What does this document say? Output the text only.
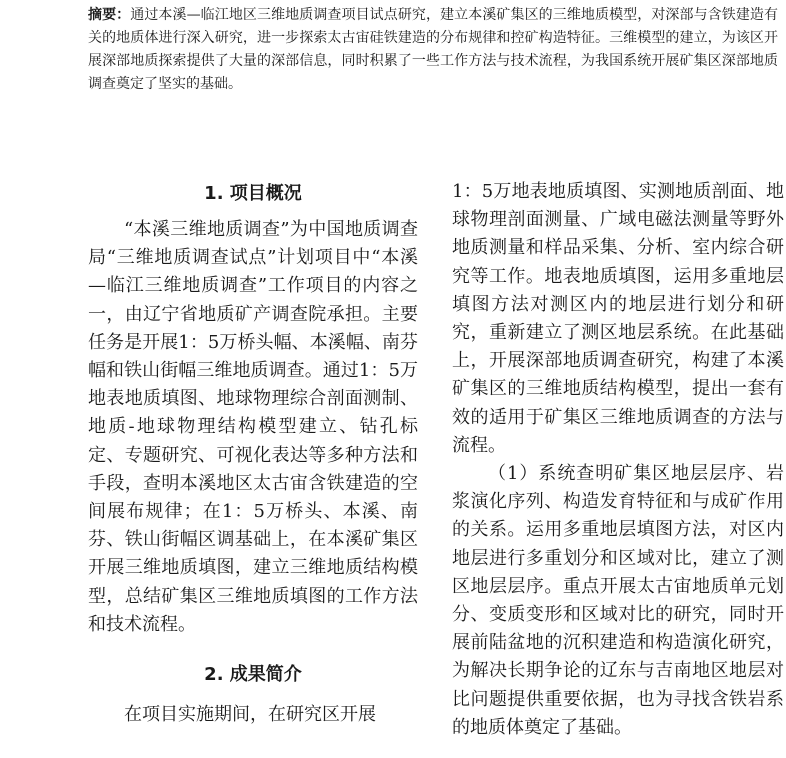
摘要：通过本溪—临江地区三维地质调查项目试点研究，建立本溪矿集区的三维地质模型，对深部与含铁建造有关的地质体进行深入研究，进一步探索太古宙硅铁建造的分布规律和控矿构造特征。三维模型的建立，为该区开展深部地质探索提供了大量的深部信息，同时积累了一些工作方法与技术流程，为我国系统开展矿集区深部地质调查奠定了坚实的基础。
1. 项目概况

“本溪三维地质调查”为中国地质调查局“三维地质调查试点”计划项目中“本溪—临江三维地质调查”工作项目的内容之一，由辽宁省地质矿产调查院承担。主要任务是开展1：5万桥头幅、本溪幅、南芬幅和铁山街幅三维地质调查。通过1：5万地表地质填图、地球物理综合剖面测制、地质-地球物理结构模型建立、钻孔标定、专题研究、可视化表达等多种方法和手段，查明本溪地区太古宙含铁建造的空间展布规律；在1：5万桥头、本溪、南芬、铁山街幅区调基础上，在本溪矿集区开展三维地质填图，建立三维地质结构模型，总结矿集区三维地质填图的工作方法和技术流程。

2. 成果简介

在项目实施期间，在研究区开展

1：5万地表地质填图、实测地质剖面、地球物理剖面测量、广域电磁法测量等野外地质测量和样品采集、分析、室内综合研究等工作。地表地质填图，运用多重地层填图方法对测区内的地层进行划分和研究，重新建立了测区地层系统。在此基础上，开展深部地质调查研究，构建了本溪矿集区的三维地质结构模型，提出一套有效的适用于矿集区三维地质调查的方法与流程。

（1）系统查明矿集区地层层序、岩浆演化序列、构造发育特征和与成矿作用的关系。运用多重地层填图方法，对区内地层进行多重划分和区域对比，建立了测区地层层序。重点开展太古宙地质单元划分、变质变形和区域对比的研究，同时开展前陆盆地的沉积建造和构造演化研究，为解决长期争论的辽东与吉南地区地层对比问题提供重要依据，也为寻找含铁岩系的地质体奠定了基础。
